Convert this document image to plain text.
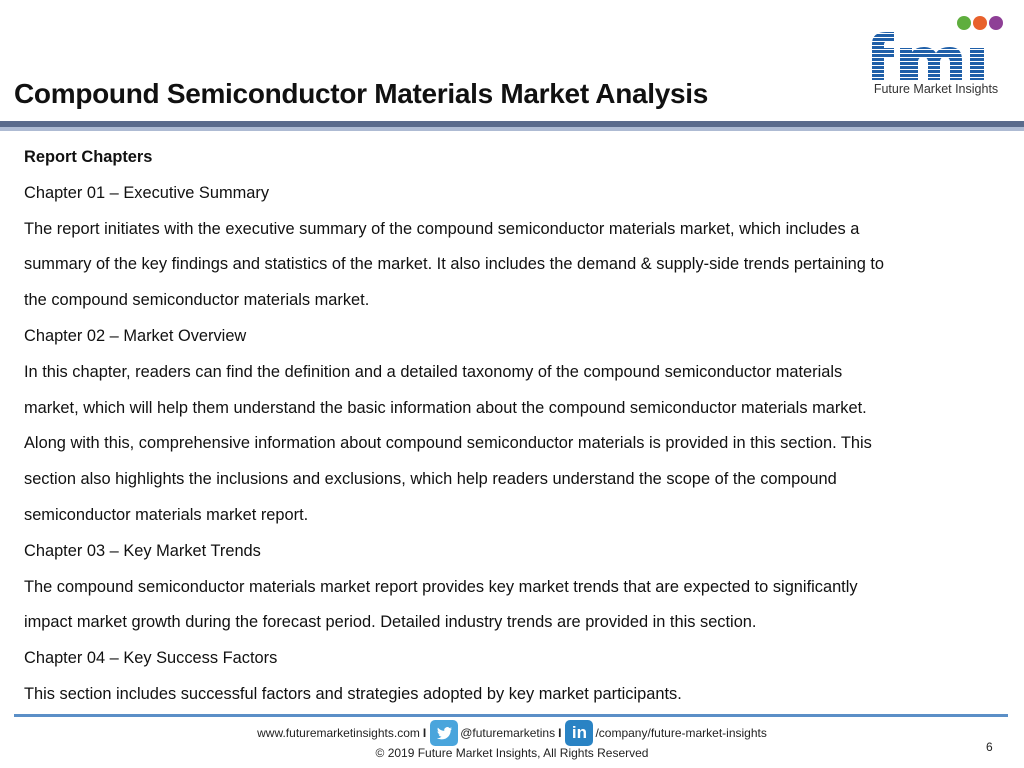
Compound Semiconductor Materials Market Analysis	Future Market Insights
Report Chapters
Chapter 01 – Executive Summary
The report initiates with the executive summary of the compound semiconductor materials market, which includes a
summary of the key findings and statistics of the market. It also includes the demand & supply-side trends pertaining to
the compound semiconductor materials market.
Chapter 02 – Market Overview
In this chapter, readers can find the definition and a detailed taxonomy of the compound semiconductor materials
market, which will help them understand the basic information about the compound semiconductor materials market.
Along with this, comprehensive information about compound semiconductor materials is provided in this section. This
section also highlights the inclusions and exclusions, which help readers understand the scope of the compound
semiconductor materials market report.
Chapter 03 – Key Market Trends
The compound semiconductor materials market report provides key market trends that are expected to significantly
impact market growth during the forecast period. Detailed industry trends are provided in this section.
Chapter 04 – Key Success Factors
This section includes successful factors and strategies adopted by key market participants.
www.futuremarketinsights.com I	@futuremarketins I in /company/future-market-insights
© 2019 Future Market Insights, All Rights Reserved	6
